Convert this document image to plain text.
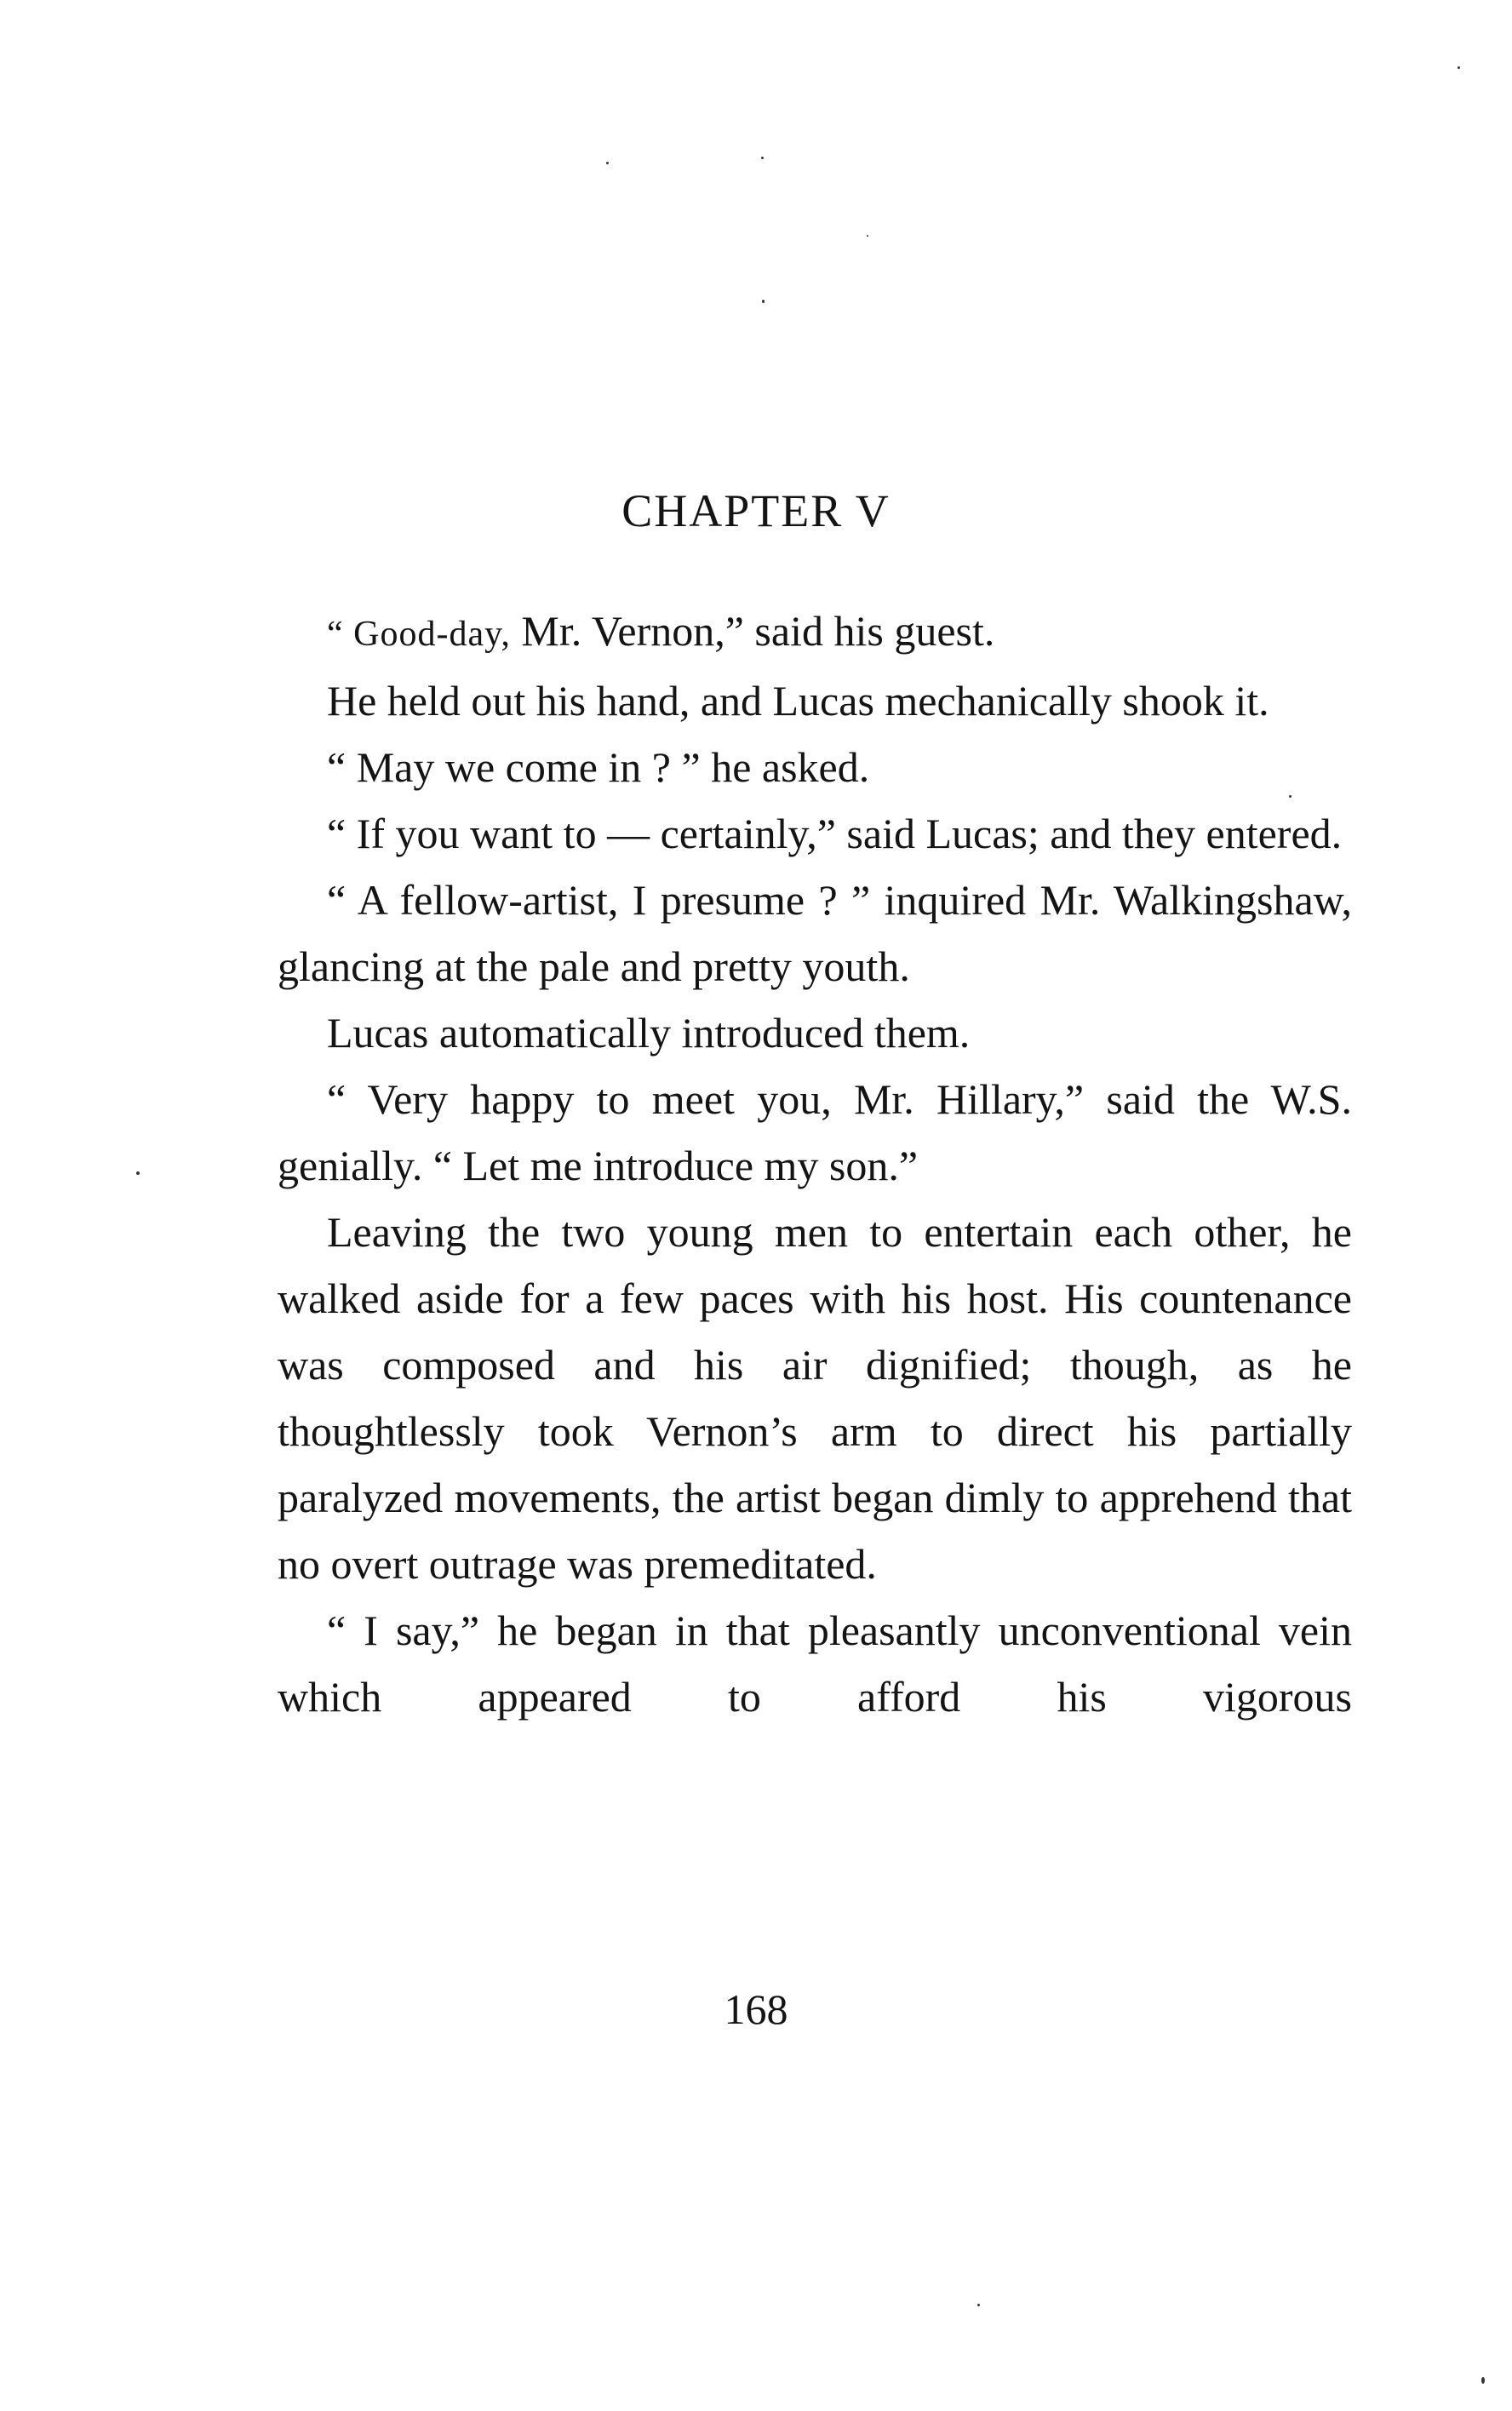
CHAPTER V

“ Good-day, Mr. Vernon,” said his guest.

He held out his hand, and Lucas mechanically shook it.

“ May we come in ? ” he asked.

“ If you want to — certainly,” said Lucas; and they entered.

“ A fellow-artist, I presume ? ” inquired Mr. Walkingshaw, glancing at the pale and pretty youth.

Lucas automatically introduced them.

“ Very happy to meet you, Mr. Hillary,” said the W.S. genially. “ Let me introduce my son.”

Leaving the two young men to entertain each other, he walked aside for a few paces with his host. His countenance was composed and his air dignified; though, as he thoughtlessly took Vernon’s arm to direct his partially paralyzed movements, the artist began dimly to apprehend that no overt outrage was premeditated.

“ I say,” he began in that pleasantly unconventional vein which appeared to afford his vigorous

168
